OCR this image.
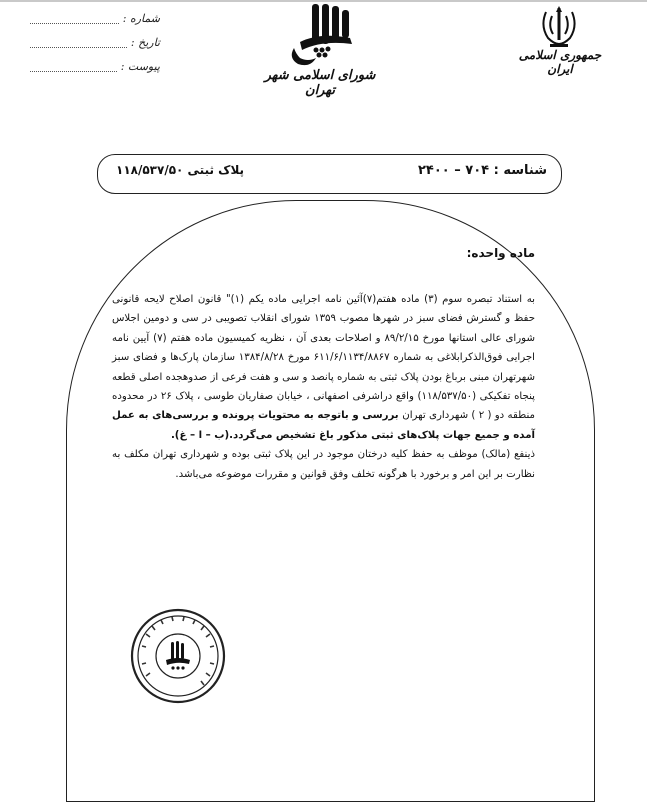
شماره :
تاریخ :
پیوست :
شورای اسلامی شهر تهران
جمهوری اسلامی ایران
شناسه : ۷۰۴ – ۲۴۰۰
پلاک ثبتی ۱۱۸/۵۳۷/۵۰
ماده واحده:

به استناد تبصره سوم (۳) ماده هفتم(۷)آئین نامه اجرایی ماده یکم (۱)" قانون اصلاح لایحه قانونی حفظ و گسترش فضای سبز در شهرها مصوب ۱۳۵۹ شورای انقلاب تصویبی در سی و دومین اجلاس شورای عالی استانها مورخ ۸۹/۲/۱۵ و اصلاحات بعدی آن ، نظریه کمیسیون ماده هفتم (۷) آیین نامه اجرایی فوق‌الذکرابلاغی به شماره ۶۱۱/۶/۱۱۳۴/۸۸۶۷ مورخ ۱۳۸۴/۸/۲۸ سازمان پارک‌ها و فضای سبز شهرتهران مبنی برباغ بودن پلاک ثبتی به شماره پانصد و سی و هفت فرعی از صدوهجده اصلی قطعه پنجاه تفکیکی (۱۱۸/۵۳۷/۵۰) واقع دراشرفی اصفهانی ، خیابان صفاریان طوسی ، پلاک ۲۶ در محدوده منطقه دو ( ۲ ) شهرداری تهران بررسی و باتوجه به محتویات پرونده و بررسی‌های به عمل آمده و جمیع جهات پلاک‌های ثبتی مذکور باغ تشخیص می‌گردد.(ب – ا – غ).

ذینفع (مالک) موظف به حفظ کلیه درختان موجود در این پلاک ثبتی بوده و شهرداری تهران مکلف به نظارت بر این امر و برخورد با هرگونه تخلف وفق قوانین و مقررات موضوعه می‌باشد.
